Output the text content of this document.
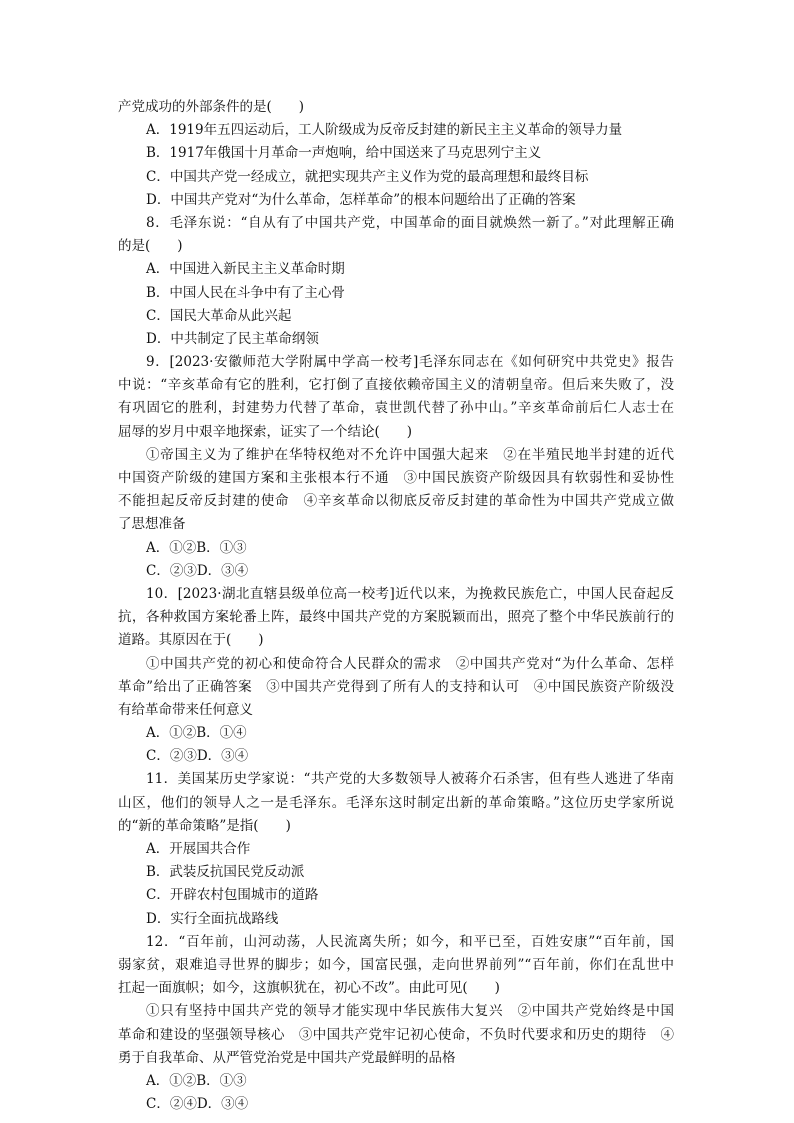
产党成功的外部条件的是(　　)
A．1919年五四运动后，工人阶级成为反帝反封建的新民主主义革命的领导力量
B．1917年俄国十月革命一声炮响，给中国送来了马克思列宁主义
C．中国共产党一经成立，就把实现共产主义作为党的最高理想和最终目标
D．中国共产党对“为什么革命，怎样革命”的根本问题给出了正确的答案
8．毛泽东说：“自从有了中国共产党，中国革命的面目就焕然一新了。”对此理解正确
的是(　　)
A．中国进入新民主主义革命时期
B．中国人民在斗争中有了主心骨
C．国民大革命从此兴起
D．中共制定了民主革命纲领
9．[2023·安徽师范大学附属中学高一校考]毛泽东同志在《如何研究中共党史》报告
中说：“辛亥革命有它的胜利，它打倒了直接依赖帝国主义的清朝皇帝。但后来失败了，没
有巩固它的胜利，封建势力代替了革命，袁世凯代替了孙中山。”辛亥革命前后仁人志士在
屈辱的岁月中艰辛地探索，证实了一个结论(　　)
①帝国主义为了维护在华特权绝对不允许中国强大起来　②在半殖民地半封建的近代
中国资产阶级的建国方案和主张根本行不通　③中国民族资产阶级因具有软弱性和妥协性
不能担起反帝反封建的使命　④辛亥革命以彻底反帝反封建的革命性为中国共产党成立做
了思想准备
A．①②B．①③
C．②③D．③④
10．[2023·湖北直辖县级单位高一校考]近代以来，为挽救民族危亡，中国人民奋起反
抗，各种救国方案轮番上阵，最终中国共产党的方案脱颖而出，照亮了整个中华民族前行的
道路。其原因在于(　　)
①中国共产党的初心和使命符合人民群众的需求　②中国共产党对“为什么革命、怎样
革命”给出了正确答案　③中国共产党得到了所有人的支持和认可　④中国民族资产阶级没
有给革命带来任何意义
A．①②B．①④
C．②③D．③④
11．美国某历史学家说：“共产党的大多数领导人被蒋介石杀害，但有些人逃进了华南
山区，他们的领导人之一是毛泽东。毛泽东这时制定出新的革命策略。”这位历史学家所说
的“新的革命策略”是指(　　)
A．开展国共合作
B．武装反抗国民党反动派
C．开辟农村包围城市的道路
D．实行全面抗战路线
12．“百年前，山河动荡，人民流离失所；如今，和平已至，百姓安康”“百年前，国
弱家贫，艰难追寻世界的脚步；如今，国富民强，走向世界前列”“百年前，你们在乱世中
扛起一面旗帜；如今，这旗帜犹在，初心不改”。由此可见(　　)
①只有坚持中国共产党的领导才能实现中华民族伟大复兴　②中国共产党始终是中国
革命和建设的坚强领导核心　③中国共产党牢记初心使命，不负时代要求和历史的期待　④
勇于自我革命、从严管党治党是中国共产党最鲜明的品格
A．①②B．①③
C．②④D．③④
